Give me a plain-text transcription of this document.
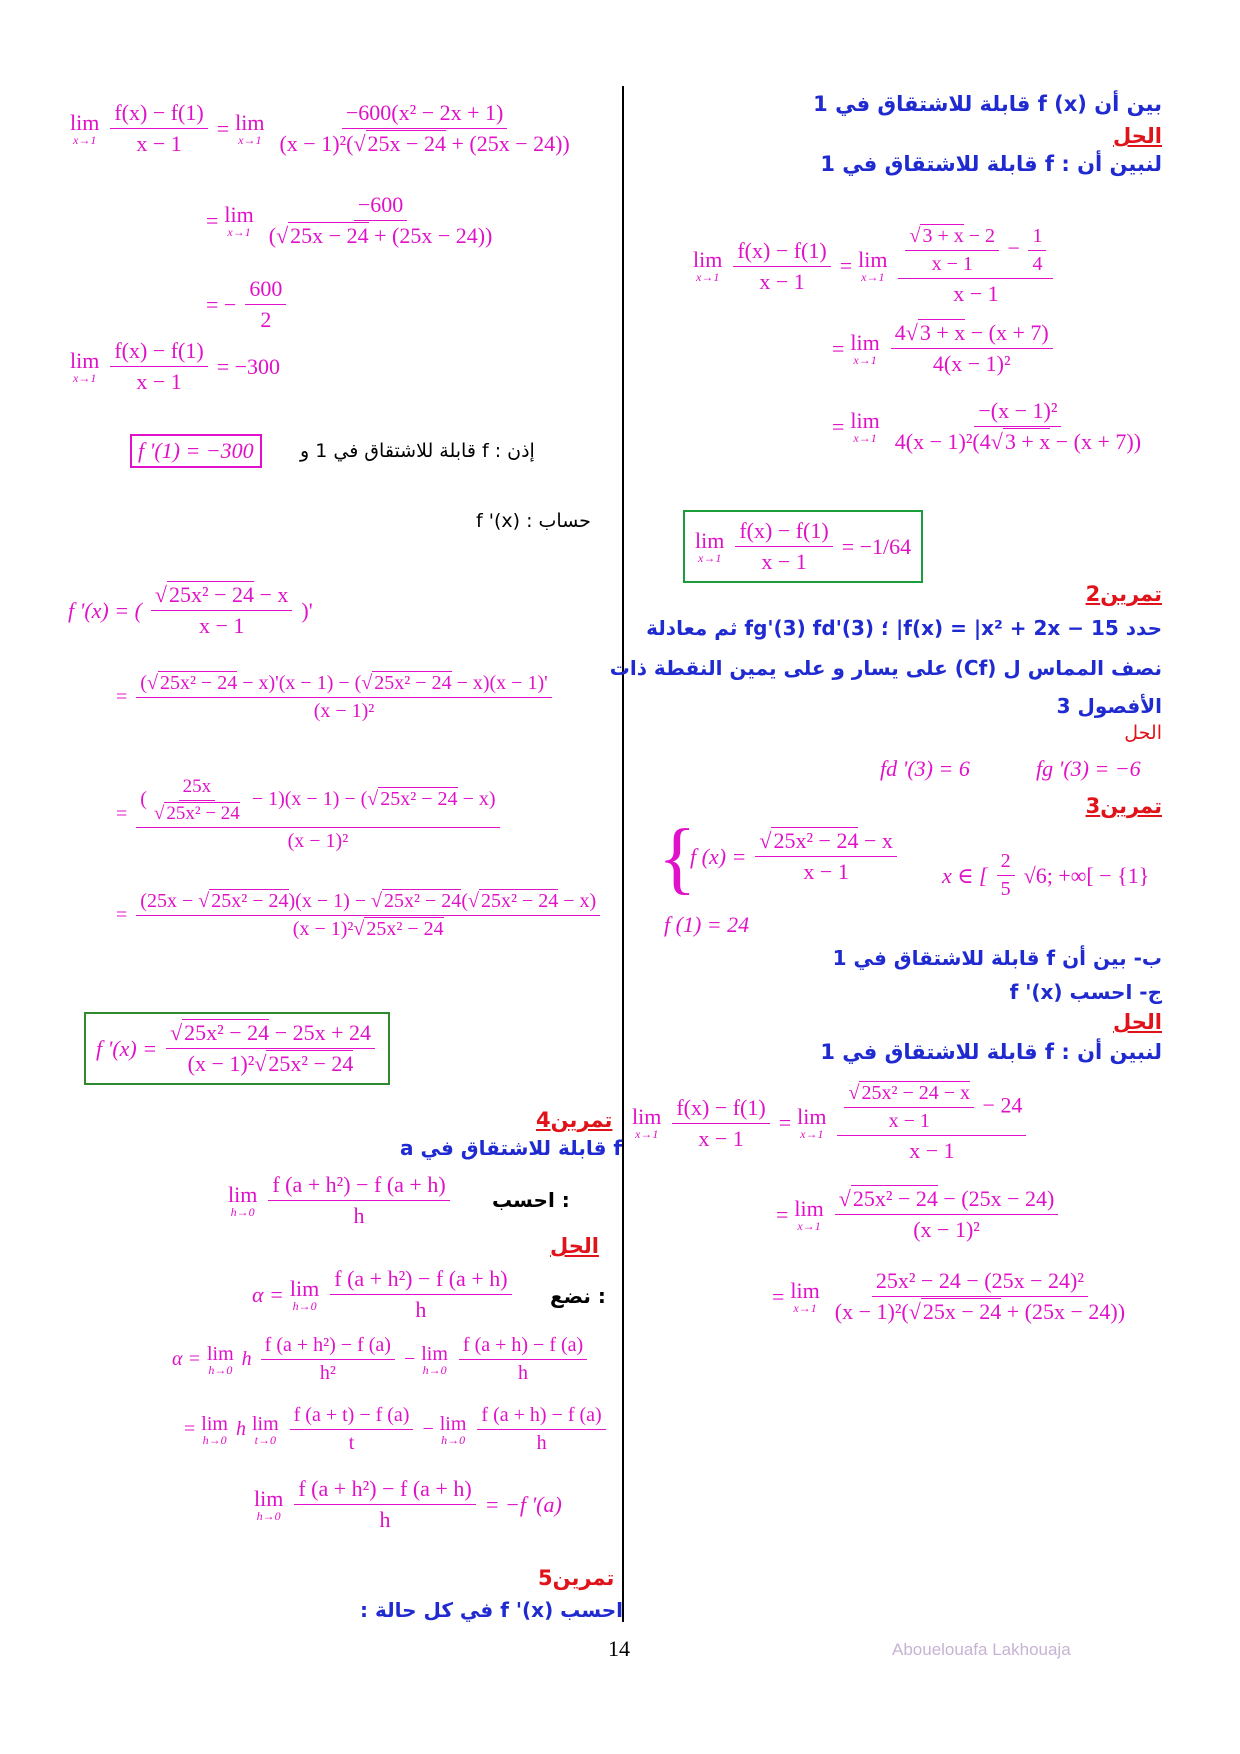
بين أن f (x) قابلة للاشتقاق في 1
الحل
لنبين أن : f قابلة للاشتقاق في 1
lim
$x\to 1 \frac{f(x) - f(1)}{x - 1} = \lim$
$x\to 1 \frac{\frac{√ 3 + x - 2}{x - 1} - \frac{1}{4}}{x - 1}$
= lim
$x\to 1 \frac{4√3 + x - (x + 7)}{\text{4(x − 1)²}}$
= lim
$x\to 1 \frac{\text{−(x − 1)²}}{\text{4(x − 1)²(4√3 + x − (x + 7))}}$
lim
$x\to 1 \frac{f(x) - f(1)}{x - 1} = -1/64$
تمرين2
حدد f(x) = |x² + 2x − 15| ؛ fg'(3) fd'(3) ثم معادلة
نصف المماس ل (Cf) على يسار و على يمين النقطة ذات
الأفصول 3
الحل
fd '(3) = 6	fg '(3) = −6
تمرين3
{
f $(x) = \frac{\text{√25x² − 24 − x}}{x - 1}$ x ∈ [ $\frac{2}{5} √6$; +∞[ − {1}
f (1) = 24
ب- بين أن f قابلة للاشتقاق في 1
ج- احسب f '(x)
الحل
لنبين أن : f قابلة للاشتقاق في 1
lim
$x\to 1 \frac{f(x) - f(1)}{x - 1} = \lim$
$x\to 1 \frac{\frac{\text{√ 25x² − 24 − x}}{x - 1} - 24}{x - 1}$
= lim
$x\to 1 \frac{\text{√25x² − 24 − (25x − 24)}}{\text{(x − 1)²}}$
= lim
$x\to 1 \frac{\text{25x² − 24 − (25x − 24)²}}{\text{(x − 1)²(√25x − 24 + (25x − 24))}}$
lim
$x\to 1 \frac{f(x) - f(1)}{x - 1} = \lim$
$x\to 1 \frac{\text{−600(x² − 2x + 1)}}{\text{(x − 1)²(√25x − 24 + (25x − 24))}}$
= lim
$x\to 1 \frac{-600}{(√25x - 24 + (25x - 24))}$
= − $\frac{600}{2}$
lim
$x\to 1 \frac{f(x) - f(1)}{x - 1} = -300$
إذن : f قابلة للاشتقاق في 1 و
f '(1) = −300
حساب : f '(x)
f '(x) = ( $\frac{\text{√25x² − 24 − x}}{x - 1}$ )'
= $\frac{\text{(√ 25x² − 24 − x)'(x − 1) − (√ 25x² − 24 − x)(x − 1)'}}{\text{(x − 1)²}}$
= $\frac{( \frac{25x}{\text{√ 25x² − 24}} - 1)(x - 1) - (√ 25x^2 - 24 - x)}{\text{(x − 1)²}}$
= $\frac{\text{(25x − √ 25x² − 24)(x − 1) − √ 25x² − 24(√ 25x² − 24 − x)}}{\text{(x − 1)²√ 25x² − 24}}$
f '$(x) = \frac{\text{√25x² − 24 − 25x + 24}}{\text{(x − 1)²√25x² − 24}}$
تمرين4
f قابلة للاشتقاق في a
احسب :
lim
$h\to 0 \frac{\text{f (a + h²) − f (a + h)}}{h}$
الحل
نضع :
α = lim
$h\to 0 \frac{\text{f (a + h²) − f (a + h)}}{h}$
α = lim
h→0 h $\frac{\text{f (a + h²) − f (a)}}{\text{h²}} - \lim$
$h\to 0 \frac{f (a + h) - f (a)}{h}$
= lim
h→0 h lim
$t\to 0 \frac{f (a + t) - f (a)}{t} - \lim$
$h\to 0 \frac{f (a + h) - f (a)}{h}$
lim
$h\to 0 \frac{\text{f (a + h²) − f (a + h)}}{h} = -f$ '(a)
تمرين5
احسب f '(x) في كل حالة :
14	Abouelouafa Lakhouaja
